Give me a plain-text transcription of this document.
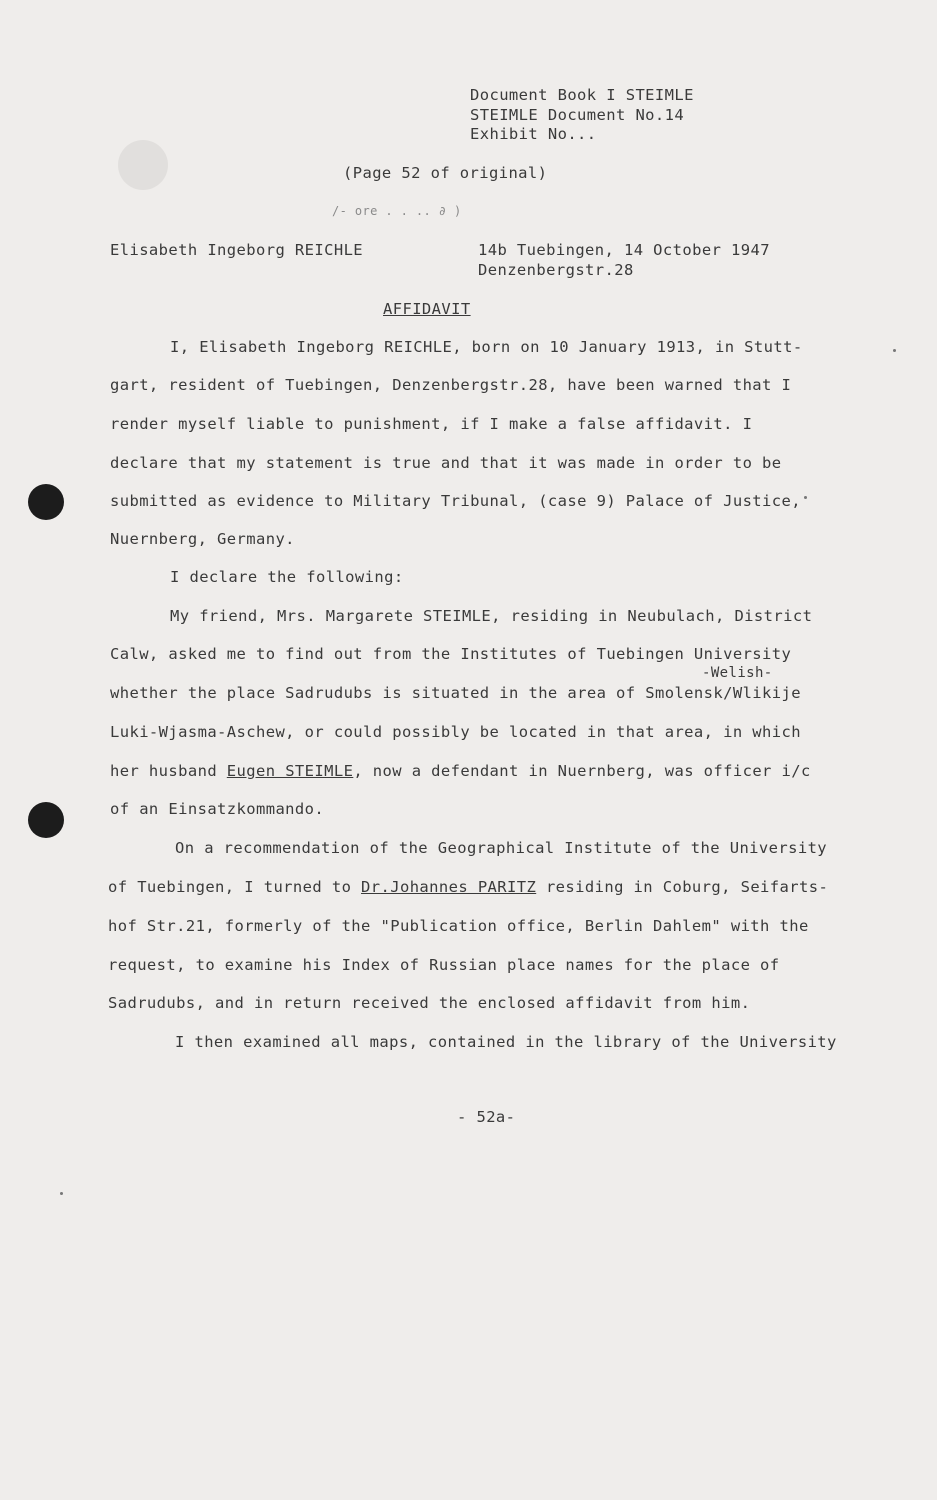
Document Book I STEIMLE
STEIMLE Document No.14
Exhibit No...
(Page 52 of original)
/- ore . . .. ∂ )
Elisabeth Ingeborg REICHLE	14b Tuebingen, 14 October 1947
Denzenbergstr.28
AFFIDAVIT
I, Elisabeth Ingeborg REICHLE, born on 10 January 1913, in Stutt-
gart, resident of Tuebingen, Denzenbergstr.28, have been warned that I
render myself liable to punishment, if I make a false affidavit. I
declare that my statement is true and that it was made in order to be
submitted as evidence to Military Tribunal, (case 9) Palace of Justice,
Nuernberg, Germany.
I declare the following:
My friend, Mrs. Margarete STEIMLE, residing in Neubulach, District
Calw, asked me to find out from the Institutes of Tuebingen University
-Welish-
whether the place Sadrudubs is situated in the area of Smolensk/Wlikije
Luki-Wjasma-Aschew, or could possibly be located in that area, in which
her husband Eugen STEIMLE, now a defendant in Nuernberg, was officer i/c
of an Einsatzkommando.
On a recommendation of the Geographical Institute of the University
of Tuebingen, I turned to Dr.Johannes PARITZ residing in Coburg, Seifarts-
hof Str.21, formerly of the "Publication office, Berlin Dahlem" with the
request, to examine his Index of Russian place names for the place of
Sadrudubs, and in return received the enclosed affidavit from him.
I then examined all maps, contained in the library of the University
- 52a-
